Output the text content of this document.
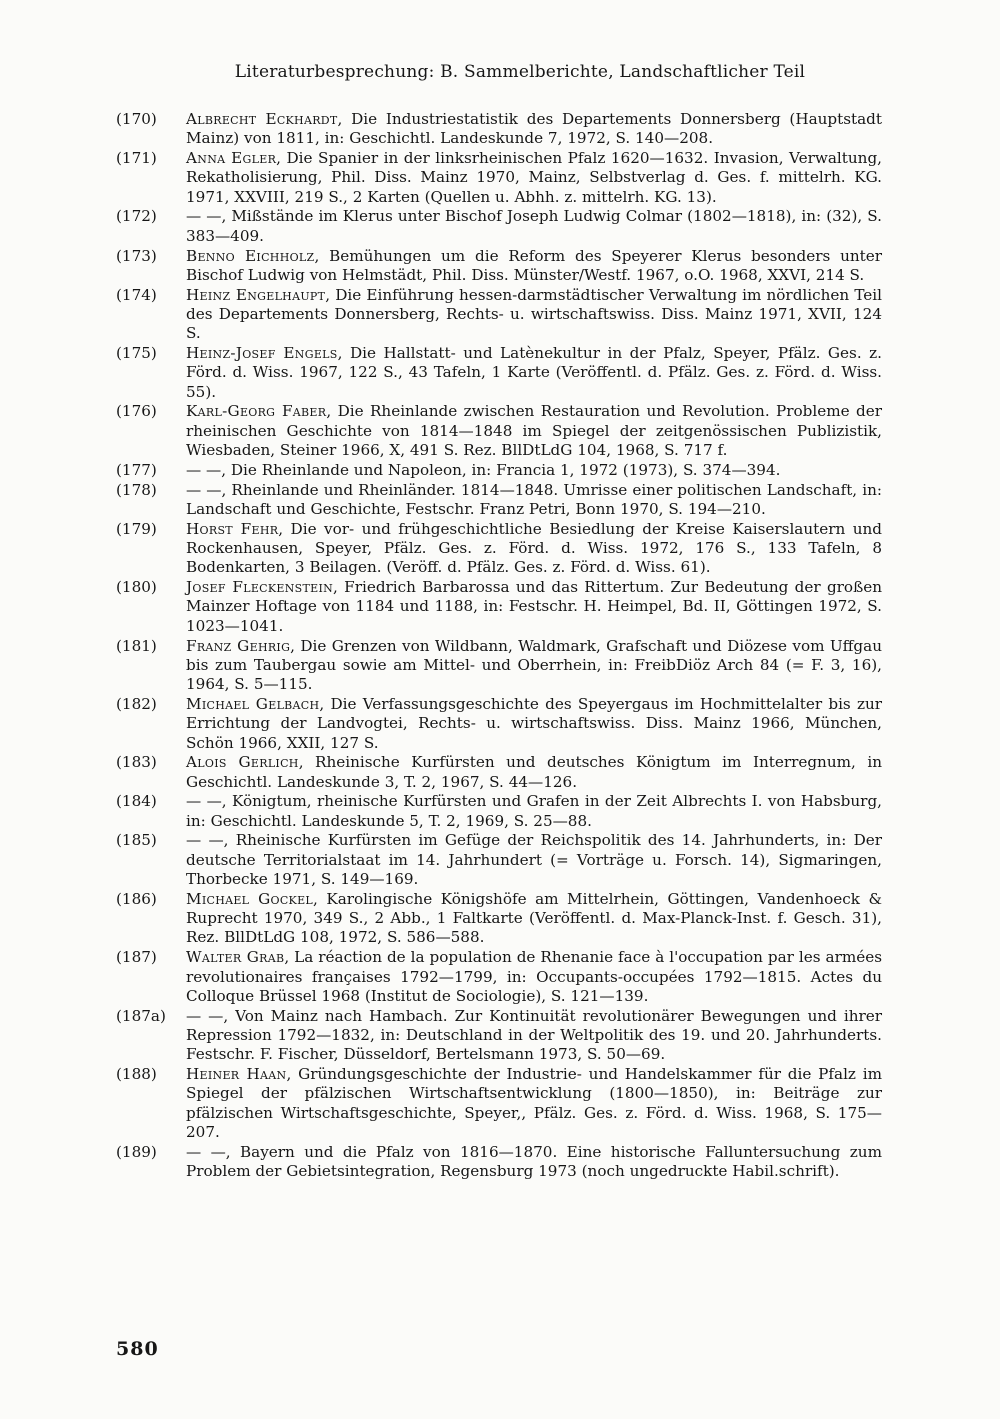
Literaturbesprechung: B. Sammelberichte, Landschaftlicher Teil
(170)	Albrecht Eckhardt, Die Industriestatistik des Departements Donnersberg (Hauptstadt Mainz) von 1811, in: Geschichtl. Landeskunde 7, 1972, S. 140—208.
(171)	Anna Egler, Die Spanier in der linksrheinischen Pfalz 1620—1632. Invasion, Verwaltung, Rekatholisierung, Phil. Diss. Mainz 1970, Mainz, Selbstverlag d. Ges. f. mittelrh. KG. 1971, XXVIII, 219 S., 2 Karten (Quellen u. Abhh. z. mittelrh. KG. 13).
(172)	— —, Mißstände im Klerus unter Bischof Joseph Ludwig Colmar (1802—1818), in: (32), S. 383—409.
(173)	Benno Eichholz, Bemühungen um die Reform des Speyerer Klerus besonders unter Bischof Ludwig von Helmstädt, Phil. Diss. Münster/Westf. 1967, o.O. 1968, XXVI, 214 S.
(174)	Heinz Engelhaupt, Die Einführung hessen-darmstädtischer Verwaltung im nördlichen Teil des Departements Donnersberg, Rechts- u. wirtschaftswiss. Diss. Mainz 1971, XVII, 124 S.
(175)	Heinz-Josef Engels, Die Hallstatt- und Latènekultur in der Pfalz, Speyer, Pfälz. Ges. z. Förd. d. Wiss. 1967, 122 S., 43 Tafeln, 1 Karte (Veröffentl. d. Pfälz. Ges. z. Förd. d. Wiss. 55).
(176)	Karl-Georg Faber, Die Rheinlande zwischen Restauration und Revolution. Probleme der rheinischen Geschichte von 1814—1848 im Spiegel der zeitgenössischen Publizistik, Wiesbaden, Steiner 1966, X, 491 S. Rez. BllDtLdG 104, 1968, S. 717 f.
(177)	— —, Die Rheinlande und Napoleon, in: Francia 1, 1972 (1973), S. 374—394.
(178)	— —, Rheinlande und Rheinländer. 1814—1848. Umrisse einer politischen Landschaft, in: Landschaft und Geschichte, Festschr. Franz Petri, Bonn 1970, S. 194—210.
(179)	Horst Fehr, Die vor- und frühgeschichtliche Besiedlung der Kreise Kaiserslautern und Rockenhausen, Speyer, Pfälz. Ges. z. Förd. d. Wiss. 1972, 176 S., 133 Tafeln, 8 Bodenkarten, 3 Beilagen. (Veröff. d. Pfälz. Ges. z. Förd. d. Wiss. 61).
(180)	Josef Fleckenstein, Friedrich Barbarossa und das Rittertum. Zur Bedeutung der großen Mainzer Hoftage von 1184 und 1188, in: Festschr. H. Heimpel, Bd. II, Göttingen 1972, S. 1023—1041.
(181)	Franz Gehrig, Die Grenzen von Wildbann, Waldmark, Grafschaft und Diözese vom Uffgau bis zum Taubergau sowie am Mittel- und Oberrhein, in: FreibDiöz Arch 84 (= F. 3, 16), 1964, S. 5—115.
(182)	Michael Gelbach, Die Verfassungsgeschichte des Speyergaus im Hochmittelalter bis zur Errichtung der Landvogtei, Rechts- u. wirtschaftswiss. Diss. Mainz 1966, München, Schön 1966, XXII, 127 S.
(183)	Alois Gerlich, Rheinische Kurfürsten und deutsches Königtum im Interregnum, in Geschichtl. Landeskunde 3, T. 2, 1967, S. 44—126.
(184)	— —, Königtum, rheinische Kurfürsten und Grafen in der Zeit Albrechts I. von Habsburg, in: Geschichtl. Landeskunde 5, T. 2, 1969, S. 25—88.
(185)	— —, Rheinische Kurfürsten im Gefüge der Reichspolitik des 14. Jahrhunderts, in: Der deutsche Territorialstaat im 14. Jahrhundert (= Vorträge u. Forsch. 14), Sigmaringen, Thorbecke 1971, S. 149—169.
(186)	Michael Gockel, Karolingische Königshöfe am Mittelrhein, Göttingen, Vandenhoeck & Ruprecht 1970, 349 S., 2 Abb., 1 Faltkarte (Veröffentl. d. Max-Planck-Inst. f. Gesch. 31), Rez. BllDtLdG 108, 1972, S. 586—588.
(187)	Walter Grab, La réaction de la population de Rhenanie face à l'occupation par les armées revolutionaires françaises 1792—1799, in: Occupants-occupées 1792—1815. Actes du Colloque Brüssel 1968 (Institut de Sociologie), S. 121—139.
(187a)	— —, Von Mainz nach Hambach. Zur Kontinuität revolutionärer Bewegungen und ihrer Repression 1792—1832, in: Deutschland in der Weltpolitik des 19. und 20. Jahrhunderts. Festschr. F. Fischer, Düsseldorf, Bertelsmann 1973, S. 50—69.
(188)	Heiner Haan, Gründungsgeschichte der Industrie- und Handelskammer für die Pfalz im Spiegel der pfälzischen Wirtschaftsentwicklung (1800—1850), in: Beiträge zur pfälzischen Wirtschaftsgeschichte, Speyer,, Pfälz. Ges. z. Förd. d. Wiss. 1968, S. 175—207.
(189)	— —, Bayern und die Pfalz von 1816—1870. Eine historische Falluntersuchung zum Problem der Gebietsintegration, Regensburg 1973 (noch ungedruckte Habil.schrift).
580
